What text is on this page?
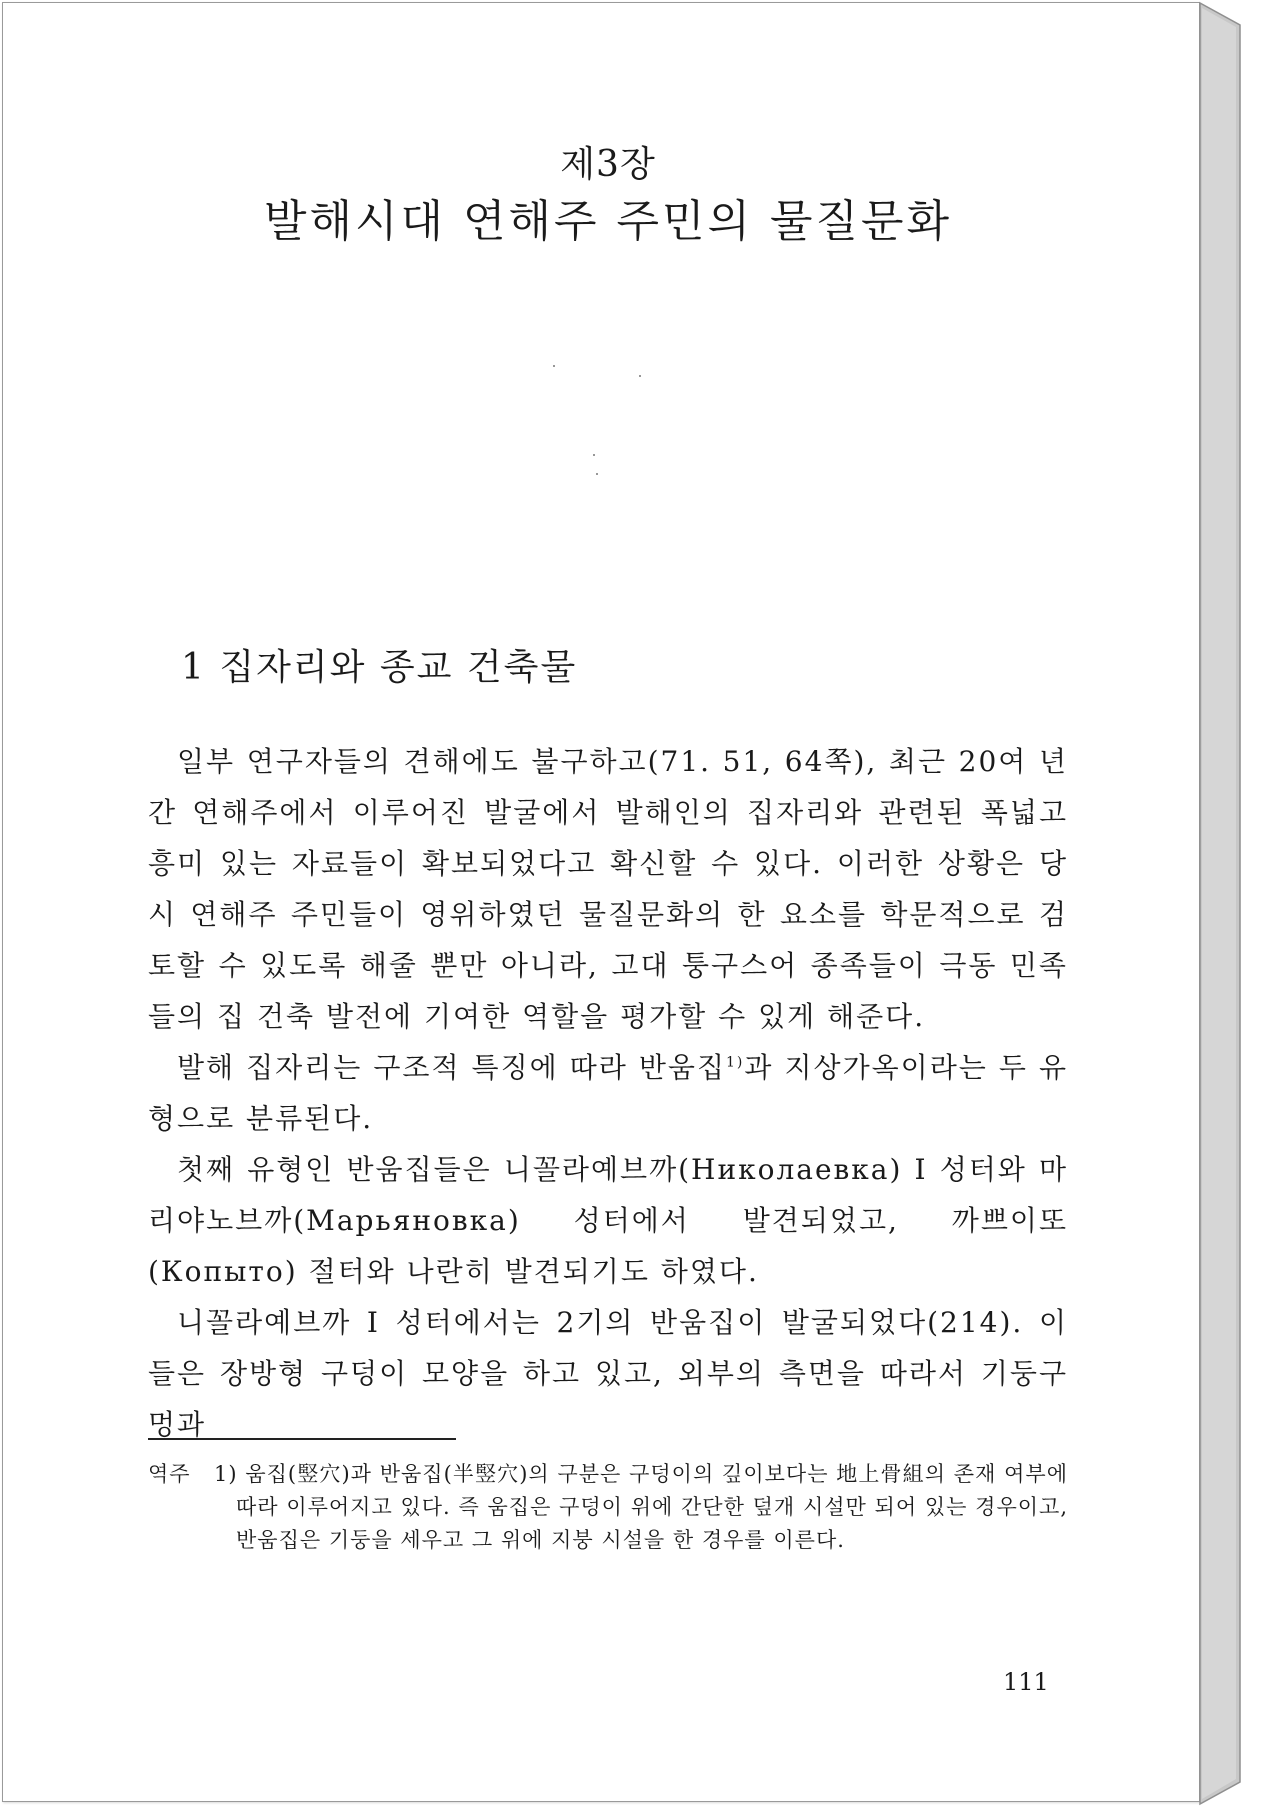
제3장
발해시대 연해주 주민의 물질문화
1 집자리와 종교 건축물

일부 연구자들의 견해에도 불구하고(71. 51, 64쪽), 최근 20여 년간 연해주에서 이루어진 발굴에서 발해인의 집자리와 관련된 폭넓고 흥미 있는 자료들이 확보되었다고 확신할 수 있다. 이러한 상황은 당시 연해주 주민들이 영위하였던 물질문화의 한 요소를 학문적으로 검토할 수 있도록 해줄 뿐만 아니라, 고대 퉁구스어 종족들이 극동 민족들의 집 건축 발전에 기여한 역할을 평가할 수 있게 해준다.

발해 집자리는 구조적 특징에 따라 반움집$^{1)}$과 지상가옥이라는 두 유형으로 분류된다.

첫째 유형인 반움집들은 니꼴라예브까(Николаевка) I 성터와 마리야노브까(Марьяновка) 성터에서 발견되었고, 까쁘이또(Копыто) 절터와 나란히 발견되기도 하였다.

니꼴라예브까 I 성터에서는 2기의 반움집이 발굴되었다(214). 이들은 장방형 구덩이 모양을 하고 있고, 외부의 측면을 따라서 기둥구멍과

역주 1) 움집(竪穴)과 반움집(半竪穴)의 구분은 구덩이의 깊이보다는 地上骨組의 존재 여부에 따라 이루어지고 있다. 즉 움집은 구덩이 위에 간단한 덮개 시설만 되어 있는 경우이고, 반움집은 기둥을 세우고 그 위에 지붕 시설을 한 경우를 이른다.
111
